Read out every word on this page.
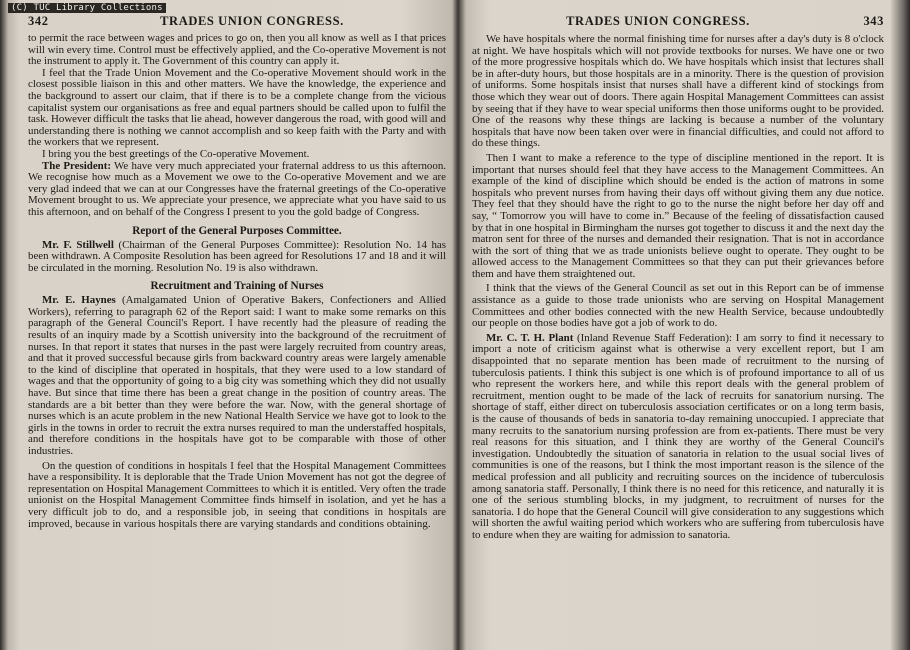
(C) TUC Library Collections
342	TRADES UNION CONGRESS.

to permit the race between wages and prices to go on, then you all know as well as I that prices will win every time. Control must be effectively applied, and the Co-operative Movement is not the instrument to apply it. The Government of this country can apply it.

I feel that the Trade Union Movement and the Co-operative Movement should work in the closest possible liaison in this and other matters. We have the knowledge, the experience and the background to assert our claim, that if there is to be a complete change from the vicious capitalist system our organisations as free and equal partners should be called upon to fulfil the task. However difficult the tasks that lie ahead, however dangerous the road, with good will and understanding there is nothing we cannot accomplish and so keep faith with the Party and with the workers that we represent.

I bring you the best greetings of the Co-operative Movement.

The President: We have very much appreciated your fraternal address to us this afternoon. We recognise how much as a Movement we owe to the Co-operative Movement and we are very glad indeed that we can at our Congresses have the fraternal greetings of the Co-operative Movement brought to us. We appreciate your presence, we appreciate what you have said to us this afternoon, and on behalf of the Congress I present to you the gold badge of Congress.

Report of the General Purposes Committee.

Mr. F. Stillwell (Chairman of the General Purposes Committee): Resolution No. 14 has been withdrawn. A Composite Resolution has been agreed for Resolutions 17 and 18 and it will be circulated in the morning. Resolution No. 19 is also withdrawn.

Recruitment and Training of Nurses

Mr. E. Haynes (Amalgamated Union of Operative Bakers, Confectioners and Allied Workers), referring to paragraph 62 of the Report said: I want to make some remarks on this paragraph of the General Council's Report. I have recently had the pleasure of reading the results of an inquiry made by a Scottish university into the background of the recruitment of nurses. In that report it states that nurses in the past were largely recruited from country areas, and that it proved successful because girls from backward country areas were largely amenable to the kind of discipline that operated in hospitals, that they were used to a low standard of wages and that the opportunity of going to a big city was something which they did not usually have. But since that time there has been a great change in the position of country areas. The standards are a bit better than they were before the war. Now, with the general shortage of nurses which is an acute problem in the new National Health Service we have got to look to the girls in the towns in order to recruit the extra nurses required to man the understaffed hospitals, and therefore conditions in the hospitals have got to be comparable with those of other industries.

On the question of conditions in hospitals I feel that the Hospital Management Committees have a responsibility. It is deplorable that the Trade Union Movement has not got the degree of representation on Hospital Management Committees to which it is entitled. Very often the trade unionist on the Hospital Management Committee finds himself in isolation, and yet he has a very difficult job to do, and a responsible job, in seeing that conditions in hospitals are improved, because in various hospitals there are varying standards and conditions obtaining.

TRADES UNION CONGRESS.	343

We have hospitals where the normal finishing time for nurses after a day's duty is 8 o'clock at night. We have hospitals which will not provide textbooks for nurses. We have one or two of the more progressive hospitals which do. We have hospitals which insist that lectures shall be in after-duty hours, but those hospitals are in a minority. There is the question of provision of uniforms. Some hospitals insist that nurses shall have a different kind of stockings from those which they wear out of doors. There again Hospital Management Committees can assist by seeing that if they have to wear special uniforms then those uniforms ought to be provided. One of the reasons why these things are lacking is because a number of the voluntary hospitals that have now been taken over were in financial difficulties, and could not afford to do these things.

Then I want to make a reference to the type of discipline mentioned in the report. It is important that nurses should feel that they have access to the Management Committees. An example of the kind of discipline which should be ended is the action of matrons in some hospitals who prevent nurses from having their days off without giving them any due notice. They feel that they should have the right to go to the nurse the night before her day off and say, “ Tomorrow you will have to come in.” Because of the feeling of dissatisfaction caused by that in one hospital in Birmingham the nurses got together to discuss it and the next day the matron sent for three of the nurses and demanded their resignation. That is not in accordance with the sort of thing that we as trade unionists believe ought to operate. They ought to be allowed access to the Management Committees so that they can put their grievances before them and have them straightened out.

I think that the views of the General Council as set out in this Report can be of immense assistance as a guide to those trade unionists who are serving on Hospital Management Committees and other bodies connected with the new Health Service, because undoubtedly our people on those bodies have got a job of work to do.

Mr. C. T. H. Plant (Inland Revenue Staff Federation): I am sorry to find it necessary to import a note of criticism against what is otherwise a very excellent report, but I am disappointed that no separate mention has been made of recruitment to the nursing of tuberculosis patients. I think this subject is one which is of profound importance to all of us who represent the workers here, and while this report deals with the general problem of recruitment, mention ought to be made of the lack of recruits for sanatorium nursing. The shortage of staff, either direct on tuberculosis association certificates or on a long term basis, is the cause of thousands of beds in sanatoria to-day remaining unoccupied. I appreciate that many recruits to the sanatorium nursing profession are from ex-patients. There must be very real reasons for this situation, and I think they are worthy of the General Council's investigation. Undoubtedly the situation of sanatoria in relation to the usual social lives of communities is one of the reasons, but I think the most important reason is the silence of the medical profession and all publicity and recruiting sources on the incidence of tuberculosis among sanatoria staff. Personally, I think there is no need for this reticence, and naturally it is one of the serious stumbling blocks, in my judgment, to recruitment of nurses for the sanatoria. I do hope that the General Council will give consideration to any suggestions which will shorten the awful waiting period which workers who are suffering from tuberculosis have to endure when they are waiting for admission to sanatoria.
